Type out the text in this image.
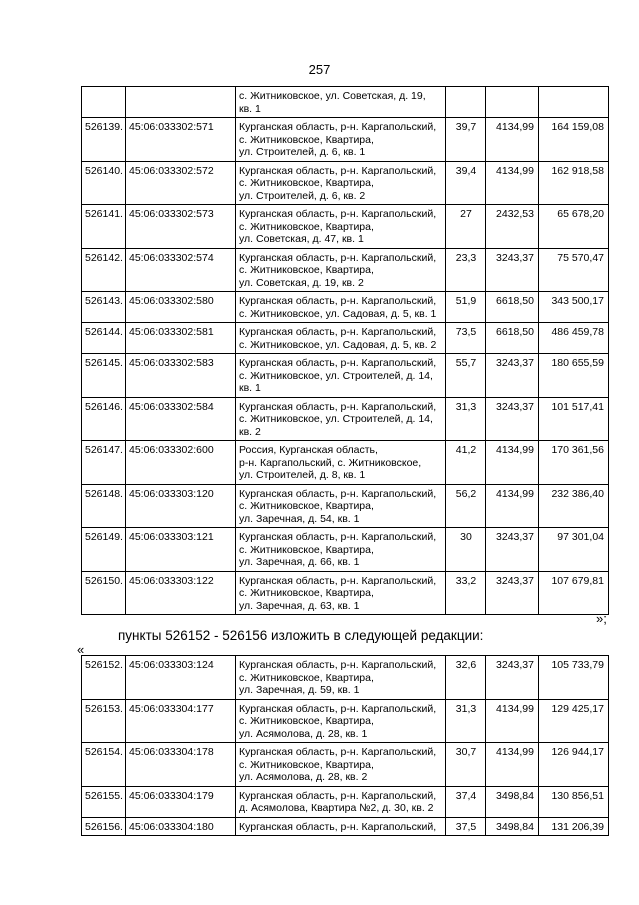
257
		с. Житниковское, ул. Советская, д. 19,
кв. 1			
526139.	45:06:033302:571	Курганская область, р-н. Каргапольский,
с. Житниковское, Квартира,
ул. Строителей, д. 6, кв. 1	39,7	4134,99	164 159,08
526140.	45:06:033302:572	Курганская область, р-н. Каргапольский,
с. Житниковское, Квартира,
ул. Строителей, д. 6, кв. 2	39,4	4134,99	162 918,58
526141.	45:06:033302:573	Курганская область, р-н. Каргапольский,
с. Житниковское, Квартира,
ул. Советская, д. 47, кв. 1	27	2432,53	65 678,20
526142.	45:06:033302:574	Курганская область, р-н. Каргапольский,
с. Житниковское, Квартира,
ул. Советская, д. 19, кв. 2	23,3	3243,37	75 570,47
526143.	45:06:033302:580	Курганская область, р-н. Каргапольский,
с. Житниковское, ул. Садовая, д. 5, кв. 1	51,9	6618,50	343 500,17
526144.	45:06:033302:581	Курганская область, р-н. Каргапольский,
с. Житниковское, ул. Садовая, д. 5, кв. 2	73,5	6618,50	486 459,78
526145.	45:06:033302:583	Курганская область, р-н. Каргапольский,
с. Житниковское, ул. Строителей, д. 14,
кв. 1	55,7	3243,37	180 655,59
526146.	45:06:033302:584	Курганская область, р-н. Каргапольский,
с. Житниковское, ул. Строителей, д. 14,
кв. 2	31,3	3243,37	101 517,41
526147.	45:06:033302:600	Россия, Курганская область,
р-н. Каргапольский, с. Житниковское,
ул. Строителей, д. 8, кв. 1	41,2	4134,99	170 361,56
526148.	45:06:033303:120	Курганская область, р-н. Каргапольский,
с. Житниковское, Квартира,
ул. Заречная, д. 54, кв. 1	56,2	4134,99	232 386,40
526149.	45:06:033303:121	Курганская область, р-н. Каргапольский,
с. Житниковское, Квартира,
ул. Заречная, д. 66, кв. 1	30	3243,37	97 301,04
526150.	45:06:033303:122	Курганская область, р-н. Каргапольский,
с. Житниковское, Квартира,
ул. Заречная, д. 63, кв. 1	33,2	3243,37	107 679,81
»;
пункты 526152 - 526156 изложить в следующей редакции:
«
526152.	45:06:033303:124	Курганская область, р-н. Каргапольский,
с. Житниковское, Квартира,
ул. Заречная, д. 59, кв. 1	32,6	3243,37	105 733,79
526153.	45:06:033304:177	Курганская область, р-н. Каргапольский,
с. Житниковское, Квартира,
ул. Асямолова, д. 28, кв. 1	31,3	4134,99	129 425,17
526154.	45:06:033304:178	Курганская область, р-н. Каргапольский,
с. Житниковское, Квартира,
ул. Асямолова, д. 28, кв. 2	30,7	4134,99	126 944,17
526155.	45:06:033304:179	Курганская область, р-н. Каргапольский,
д. Асямолова, Квартира №2, д. 30, кв. 2	37,4	3498,84	130 856,51
526156.	45:06:033304:180	Курганская область, р-н. Каргапольский,	37,5	3498,84	131 206,39
